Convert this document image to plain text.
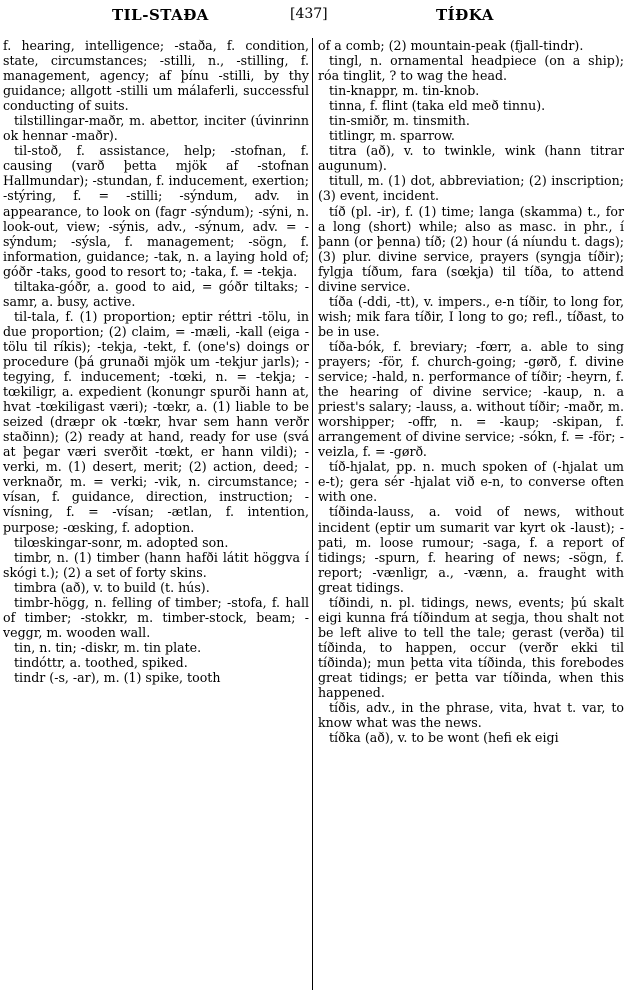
TIL-STAÐA	[437]	TÍÐKA

f. hearing, intelligence; -staða, f. condition, state, circumstances; -stilli, n., -stilling, f. management, agency; af þínu -stilli, by thy guidance; allgott -stilli um málaferli, successful conducting of suits.

tilstillingar-maðr, m. abettor, inciter (úvinrinn ok hennar -maðr).

til-stoð, f. assistance, help; -stofnan, f. causing (varð þetta mjök af -stofnan Hallmundar); -stundan, f. inducement, exertion; -stýring, f. = -stilli; -sýndum, adv. in appearance, to look on (fagr -sýndum); -sýni, n. look-out, view; -sýnis, adv., -sýnum, adv. = -sýndum; -sýsla, f. management; -sögn, f. information, guidance; -tak, n. a laying hold of; góðr -taks, good to resort to; -taka, f. = -tekja.

tiltaka-góðr, a. good to aid, = góðr tiltaks; -samr, a. busy, active.

til-tala, f. (1) proportion; eptir réttri -tölu, in due proportion; (2) claim, = -mæli, -kall (eiga -tölu til ríkis); -tekja, -tekt, f. (one's) doings or procedure (þá grunaði mjök um -tekjur jarls); -tegying, f. inducement; -tœki, n. = -tekja; -tœkiligr, a. expedient (konungr spurði hann at, hvat -tœkiligast væri); -tœkr, a. (1) liable to be seized (dræpr ok -tœkr, hvar sem hann verðr staðinn); (2) ready at hand, ready for use (svá at þegar væri sverðit -tœkt, er hann vildi); -verki, m. (1) desert, merit; (2) action, deed; -verknaðr, m. = verki; -vik, n. circumstance; -vísan, f. guidance, direction, instruction; -vísning, f. = -vísan; -ætlan, f. intention, purpose; -œsking, f. adoption.

tilœskingar-sonr, m. adopted son.

timbr, n. (1) timber (hann hafði látit höggva í skógi t.); (2) a set of forty skins.

timbra (að), v. to build (t. hús).

timbr-högg, n. felling of timber; -stofa, f. hall of timber; -stokkr, m. timber-stock, beam; -veggr, m. wooden wall.

tin, n. tin; -diskr, m. tin plate.

tindóttr, a. toothed, spiked.

tindr (-s, -ar), m. (1) spike, tooth

of a comb; (2) mountain-peak (fjall-tindr).

tingl, n. ornamental headpiece (on a ship); róa tinglit, ? to wag the head.

tin-knappr, m. tin-knob.

tinna, f. flint (taka eld með tinnu).

tin-smiðr, m. tinsmith.

titlingr, m. sparrow.

titra (að), v. to twinkle, wink (hann titrar augunum).

titull, m. (1) dot, abbreviation; (2) inscription; (3) event, incident.

tíð (pl. -ir), f. (1) time; langa (skamma) t., for a long (short) while; also as masc. in phr., í þann (or þenna) tíð; (2) hour (á níundu t. dags); (3) plur. divine service, prayers (syngja tíðir); fylgja tíðum, fara (sœkja) til tíða, to attend divine service.

tíða (-ddi, -tt), v. impers., e-n tíðir, to long for, wish; mik fara tíðir, I long to go; refl., tíðast, to be in use.

tíða-bók, f. breviary; -fœrr, a. able to sing prayers; -för, f. church-going; -gørð, f. divine service; -hald, n. performance of tíðir; -heyrn, f. the hearing of divine service; -kaup, n. a priest's salary; -lauss, a. without tíðir; -maðr, m. worshipper; -offr, n. = -kaup; -skipan, f. arrangement of divine service; -sókn, f. = -för; -veizla, f. = -gørð.

tíð-hjalat, pp. n. much spoken of (-hjalat um e-t); gera sér -hjalat við e-n, to converse often with one.

tíðinda-lauss, a. void of news, without incident (eptir um sumarit var kyrt ok -laust); -pati, m. loose rumour; -saga, f. a report of tidings; -spurn, f. hearing of news; -sögn, f. report; -vænligr, a., -vænn, a. fraught with great tidings.

tíðindi, n. pl. tidings, news, events; þú skalt eigi kunna frá tíðindum at segja, thou shalt not be left alive to tell the tale; gerast (verða) til tíðinda, to happen, occur (verðr ekki til tíðinda); mun þetta vita tíðinda, this forebodes great tidings; er þetta var tíðinda, when this happened.

tíðis, adv., in the phrase, vita, hvat t. var, to know what was the news.

tíðka (að), v. to be wont (hefi ek eigi
